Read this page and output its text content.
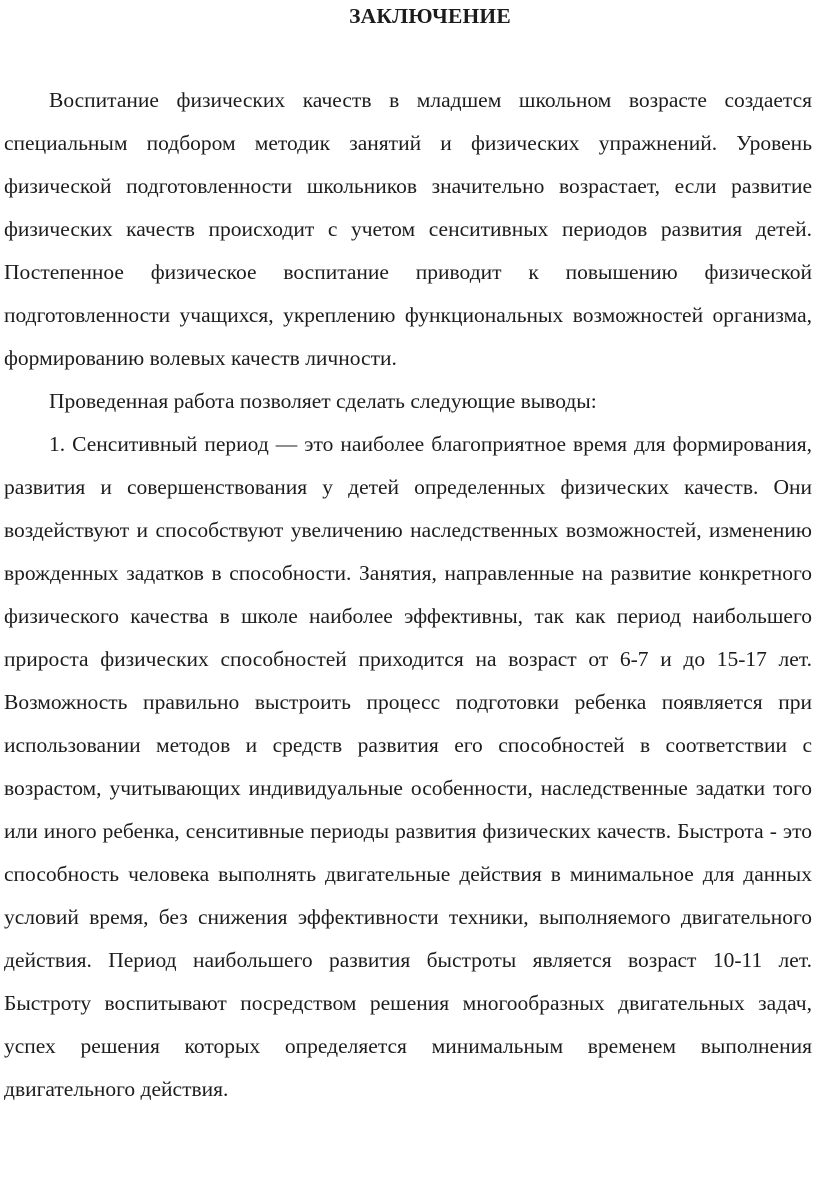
ЗАКЛЮЧЕНИЕ

Воспитание физических качеств в младшем школьном возрасте создается специальным подбором методик занятий и физических упражнений. Уровень физической подготовленности школьников значительно возрастает, если развитие физических качеств происходит с учетом сенситивных периодов развития детей. Постепенное физическое воспитание приводит к повышению физической подготовленности учащихся, укреплению функциональных возможностей организма, формированию волевых качеств личности.

Проведенная работа позволяет сделать следующие выводы:

1. Сенситивный период — это наиболее благоприятное время для формирования, развития и совершенствования у детей определенных физических качеств. Они воздействуют и способствуют увеличению наследственных возможностей, изменению врожденных задатков в способности. Занятия, направленные на развитие конкретного физического качества в школе наиболее эффективны, так как период наибольшего прироста физических способностей приходится на возраст от 6-7 и до 15-17 лет. Возможность правильно выстроить процесс подготовки ребенка появляется при использовании методов и средств развития его способностей в соответствии с возрастом, учитывающих индивидуальные особенности, наследственные задатки того или иного ребенка, сенситивные периоды развития физических качеств. Быстрота - это способность человека выполнять двигательные действия в минимальное для данных условий время, без снижения эффективности техники, выполняемого двигательного действия. Период наибольшего развития быстроты является возраст 10-11 лет. Быстроту воспитывают посредством решения многообразных двигательных задач, успех решения которых определяется минимальным временем выполнения двигательного действия.
